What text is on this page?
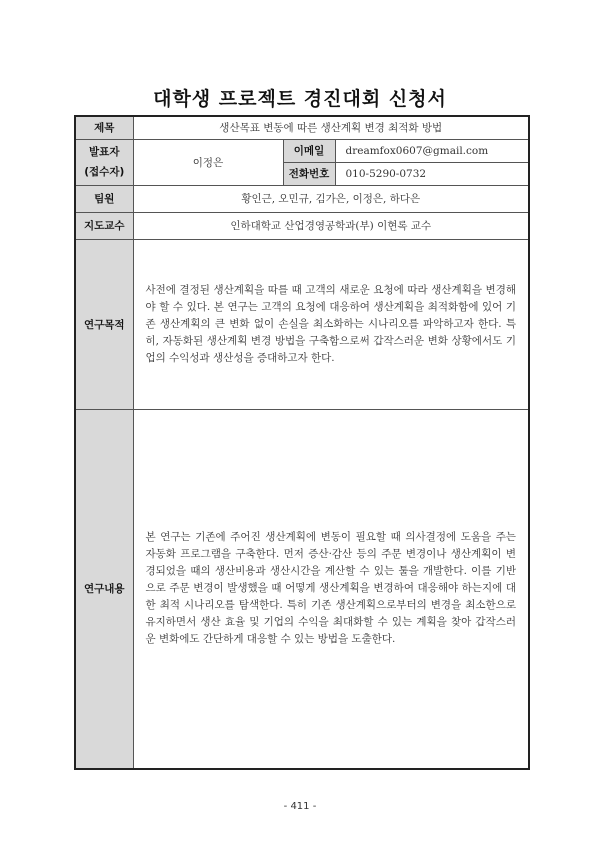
대학생 프로젝트 경진대회 신청서
제목	생산목표 변동에 따른 생산계획 변경 최적화 방법		

발표자
(접수자)	이정은	이메일	dreamfox0607@gmail.com
		전화번호	010-5290-0732
팀원	황인근, 오민규, 김가은, 이정은, 하다은		
지도교수	인하대학교 산업경영공학과(부) 이현록 교수		
연구목적	사전에 결정된 생산계획을 따를 때 고객의 새로운 요청에 따라 생산계획을 변경해야 할 수 있다. 본 연구는 고객의 요청에 대응하여 생산계획을 최적화함에 있어 기존 생산계획의 큰 변화 없이 손실을 최소화하는 시나리오를 파악하고자 한다. 특히, 자동화된 생산계획 변경 방법을 구축함으로써 갑작스러운 변화 상황에서도 기업의 수익성과 생산성을 증대하고자 한다.		

연구내용	본 연구는 기존에 주어진 생산계획에 변동이 필요할 때 의사결정에 도움을 주는 자동화 프로그램을 구축한다. 먼저 증산·감산 등의 주문 변경이나 생산계획이 변경되었을 때의 생산비용과 생산시간을 계산할 수 있는 툴을 개발한다. 이를 기반으로 주문 변경이 발생했을 때 어떻게 생산계획을 변경하여 대응해야 하는지에 대한 최적 시나리오를 탐색한다. 특히 기존 생산계획으로부터의 변경을 최소한으로 유지하면서 생산 효율 및 기업의 수익을 최대화할 수 있는 계획을 찾아 갑작스러운 변화에도 간단하게 대응할 수 있는 방법을 도출한다.		

- 411 -
